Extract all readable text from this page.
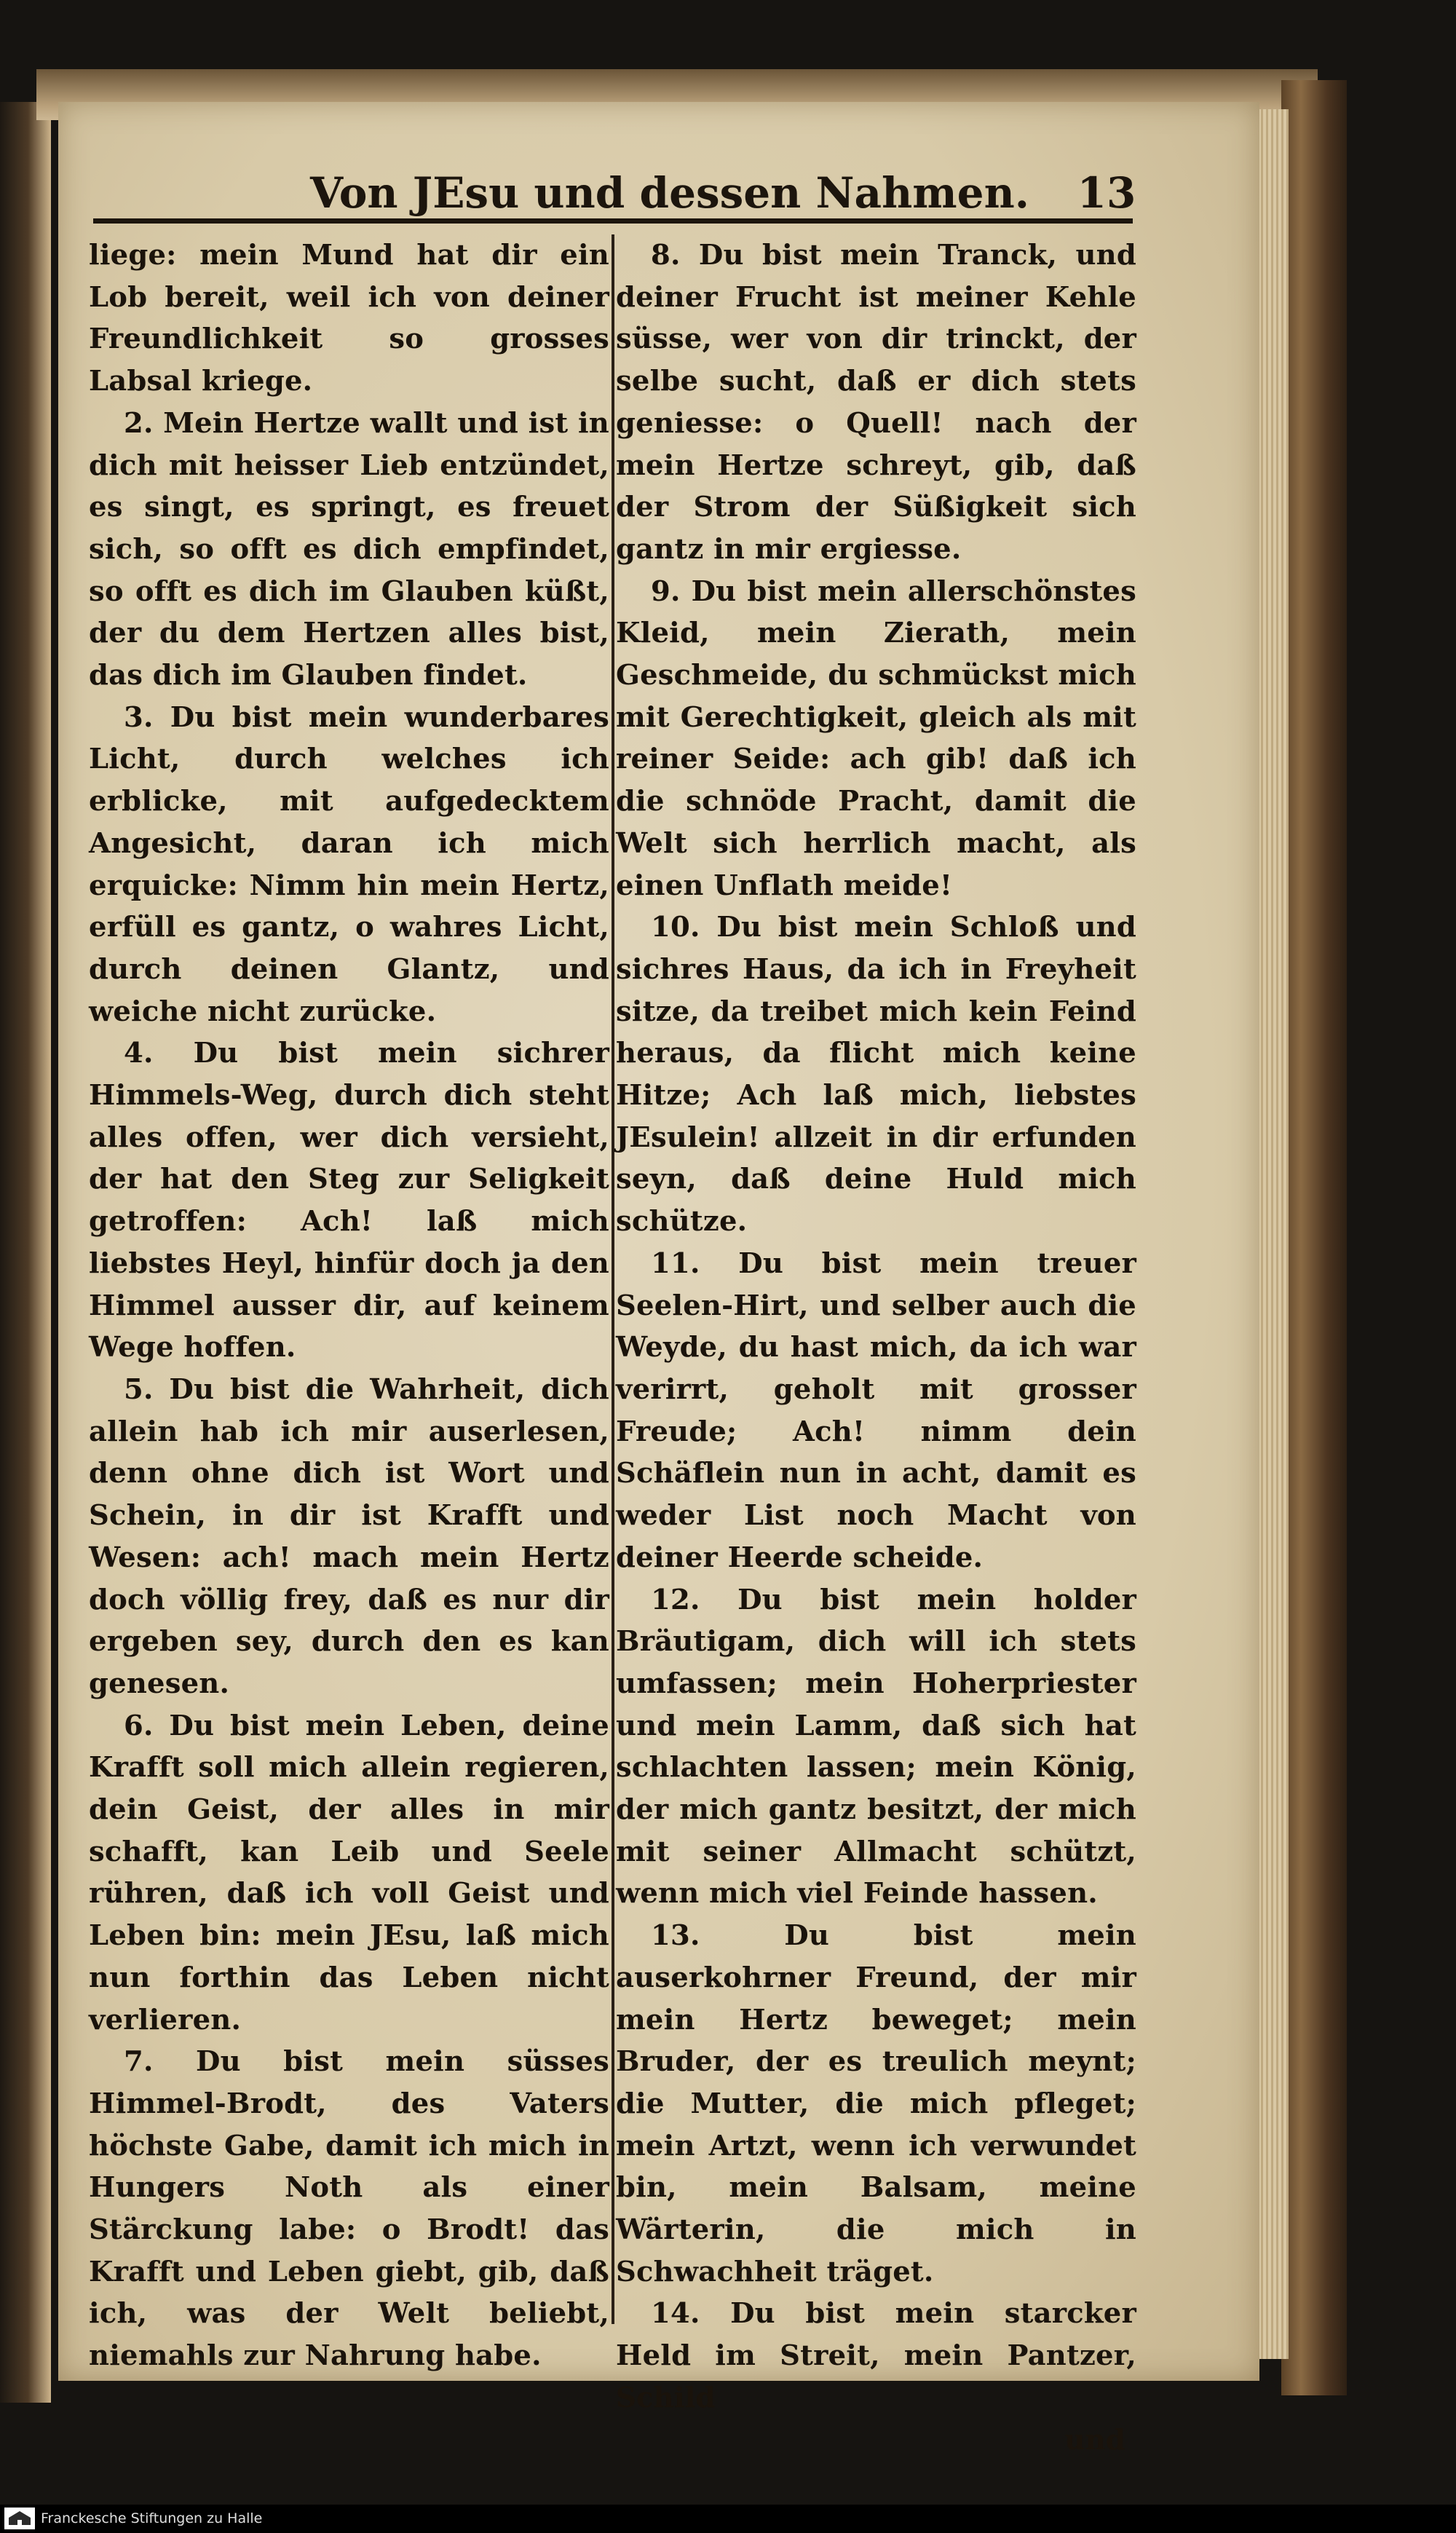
Von JEsu und dessen Nahmen.	13

liege: mein Mund hat dir ein Lob bereit, weil ich von deiner Freundlichkeit so grosses Labsal kriege.

2. Mein Hertze wallt und ist in dich mit heisser Lieb entzündet, es singt, es springt, es freuet sich, so offt es dich empfindet, so offt es dich im Glauben küßt, der du dem Hertzen alles bist, das dich im Glauben findet.

3. Du bist mein wunderbares Licht, durch welches ich erblicke, mit aufgedecktem Angesicht, daran ich mich erquicke: Nimm hin mein Hertz, erfüll es gantz, o wahres Licht, durch deinen Glantz, und weiche nicht zurücke.

4. Du bist mein sichrer Himmels-Weg, durch dich steht alles offen, wer dich versieht, der hat den Steg zur Seligkeit getroffen: Ach! laß mich liebstes Heyl, hinfür doch ja den Himmel ausser dir, auf keinem Wege hoffen.

5. Du bist die Wahrheit, dich allein hab ich mir auserlesen, denn ohne dich ist Wort und Schein, in dir ist Krafft und Wesen: ach! mach mein Hertz doch völlig frey, daß es nur dir ergeben sey, durch den es kan genesen.

6. Du bist mein Leben, deine Krafft soll mich allein regieren, dein Geist, der alles in mir schafft, kan Leib und Seele rühren, daß ich voll Geist und Leben bin: mein JEsu, laß mich nun forthin das Leben nicht verlieren.

7. Du bist mein süsses Himmel-Brodt, des Vaters höchste Gabe, damit ich mich in Hungers Noth als einer Stärckung labe: o Brodt! das Krafft und Leben giebt, gib, daß ich, was der Welt beliebt, niemahls zur Nahrung habe.

8. Du bist mein Tranck, und deiner Frucht ist meiner Kehle süsse, wer von dir trinckt, der selbe sucht, daß er dich stets geniesse: o Quell! nach der mein Hertze schreyt, gib, daß der Strom der Süßigkeit sich gantz in mir ergiesse.

9. Du bist mein allerschönstes Kleid, mein Zierath, mein Geschmeide, du schmückst mich mit Gerechtigkeit, gleich als mit reiner Seide: ach gib! daß ich die schnöde Pracht, damit die Welt sich herrlich macht, als einen Unflath meide!

10. Du bist mein Schloß und sichres Haus, da ich in Freyheit sitze, da treibet mich kein Feind heraus, da flicht mich keine Hitze; Ach laß mich, liebstes JEsulein! allzeit in dir erfunden seyn, daß deine Huld mich schütze.

11. Du bist mein treuer Seelen-Hirt, und selber auch die Weyde, du hast mich, da ich war verirrt, geholt mit grosser Freude; Ach! nimm dein Schäflein nun in acht, damit es weder List noch Macht von deiner Heerde scheide.

12. Du bist mein holder Bräutigam, dich will ich stets umfassen; mein Hoherpriester und mein Lamm, daß sich hat schlachten lassen; mein König, der mich gantz besitzt, der mich mit seiner Allmacht schützt, wenn mich viel Feinde hassen.

13. Du bist mein auserkohrner Freund, der mir mein Hertz beweget; mein Bruder, der es treulich meynt; die Mutter, die mich pfleget; mein Artzt, wenn ich verwundet bin, mein Balsam, meine Wärterin, die mich in Schwachheit träget.

14. Du bist mein starcker Held im Streit, mein Pantzer, Schild

und

Franckesche Stiftungen zu Halle
